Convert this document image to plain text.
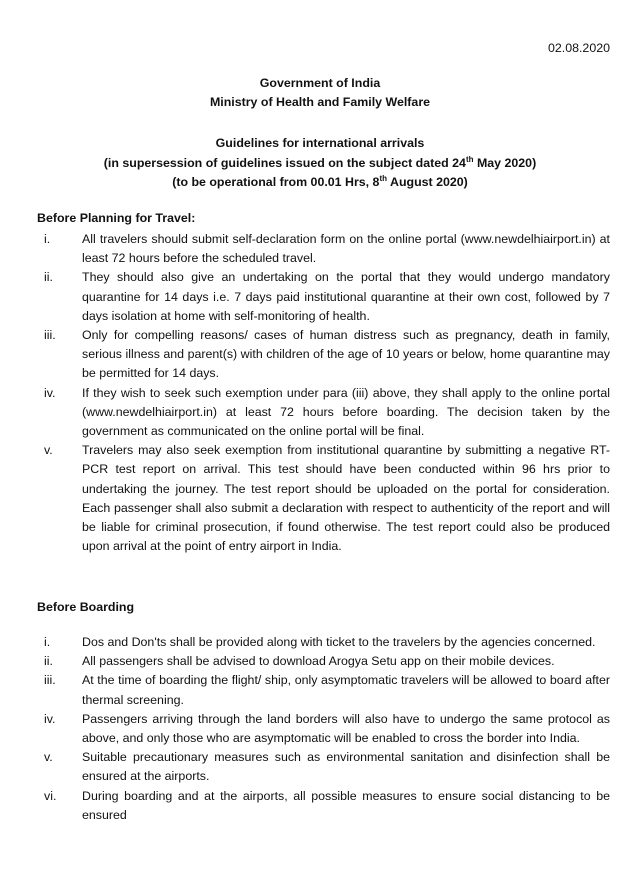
02.08.2020
Government of India
Ministry of Health and Family Welfare
Guidelines for international arrivals
(in supersession of guidelines issued on the subject dated 24th May 2020)
(to be operational from 00.01 Hrs, 8th August 2020)
Before Planning for Travel:
i.	All travelers should submit self-declaration form on the online portal (www.newdelhiairport.in) at least 72 hours before the scheduled travel.
ii.	They should also give an undertaking on the portal that they would undergo mandatory quarantine for 14 days i.e. 7 days paid institutional quarantine at their own cost, followed by 7 days isolation at home with self-monitoring of health.
iii.	Only for compelling reasons/ cases of human distress such as pregnancy, death in family, serious illness and parent(s) with children of the age of 10 years or below, home quarantine may be permitted for 14 days.
iv.	If they wish to seek such exemption under para (iii) above, they shall apply to the online portal (www.newdelhiairport.in) at least 72 hours before boarding. The decision taken by the government as communicated on the online portal will be final.
v.	Travelers may also seek exemption from institutional quarantine by submitting a negative RT-PCR test report on arrival. This test should have been conducted within 96 hrs prior to undertaking the journey. The test report should be uploaded on the portal for consideration. Each passenger shall also submit a declaration with respect to authenticity of the report and will be liable for criminal prosecution, if found otherwise. The test report could also be produced upon arrival at the point of entry airport in India.
Before Boarding
i.	Dos and Don'ts shall be provided along with ticket to the travelers by the agencies concerned.
ii.	All passengers shall be advised to download Arogya Setu app on their mobile devices.
iii.	At the time of boarding the flight/ ship, only asymptomatic travelers will be allowed to board after thermal screening.
iv.	Passengers arriving through the land borders will also have to undergo the same protocol as above, and only those who are asymptomatic will be enabled to cross the border into India.
v.	Suitable precautionary measures such as environmental sanitation and disinfection shall be ensured at the airports.
vi.	During boarding and at the airports, all possible measures to ensure social distancing to be ensured
